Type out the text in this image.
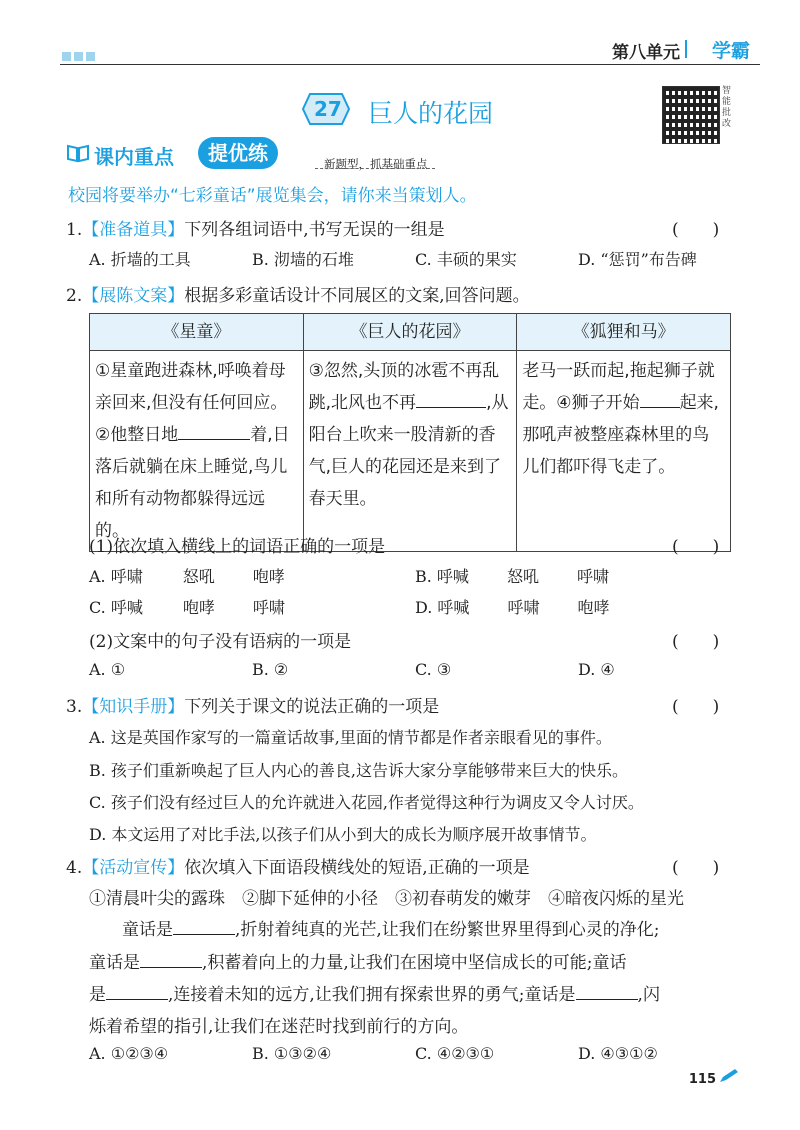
第八单元 学霸
27 巨人的花园
智能批改
课内重点	提优练	新题型，抓基础重点
校园将要举办“七彩童话”展览集会，请你来当策划人。
1.【准备道具】下列各组词语中,书写无误的一组是	(　　)
A. 折墙的工具	B. 沏墙的石堆	C. 丰硕的果实	D. “惩罚”布告碑
2.【展陈文案】根据多彩童话设计不同展区的文案,回答问题。
《星童》	《巨人的花园》	《狐狸和马》
①星童跑进森林,呼唤着母亲回来,但没有任何回应。②他整日地 着,日落后就躺在床上睡觉,鸟儿和所有动物都躲得远远的。	③忽然,头顶的冰雹不再乱跳,北风也不再 ,从阳台上吹来一股清新的香气,巨人的花园还是来到了春天里。	老马一跃而起,拖起狮子就走。④狮子开始 起来,那吼声被整座森林里的鸟儿们都吓得飞走了。
(1)依次填入横线上的词语正确的一项是	(　　)
A. 呼啸	怒吼 咆哮	B. 呼喊 怒吼 呼啸
C. 呼喊	咆哮 呼啸	D. 呼喊 呼啸 咆哮
(2)文案中的句子没有语病的一项是	(　　)
A. ①	B. ②	C. ③	D. ④
3.【知识手册】下列关于课文的说法正确的一项是	(　　)
A. 这是英国作家写的一篇童话故事,里面的情节都是作者亲眼看见的事件。
B. 孩子们重新唤起了巨人内心的善良,这告诉大家分享能够带来巨大的快乐。
C. 孩子们没有经过巨人的允许就进入花园,作者觉得这种行为调皮又令人讨厌。
D. 本文运用了对比手法,以孩子们从小到大的成长为顺序展开故事情节。
4.【活动宣传】依次填入下面语段横线处的短语,正确的一项是	(　　)
①清晨叶尖的露珠　②脚下延伸的小径　③初春萌发的嫩芽　④暗夜闪烁的星光
童话是	,折射着纯真的光芒,让我们在纷繁世界里得到心灵的净化;
童话是	,积蓄着向上的力量,让我们在困境中坚信成长的可能;童话
是	,连接着未知的远方,让我们拥有探索世界的勇气;童话是	,闪
烁着希望的指引,让我们在迷茫时找到前行的方向。
A. ①②③④	B. ①③②④	C. ④②③①	D. ④③①②
115
